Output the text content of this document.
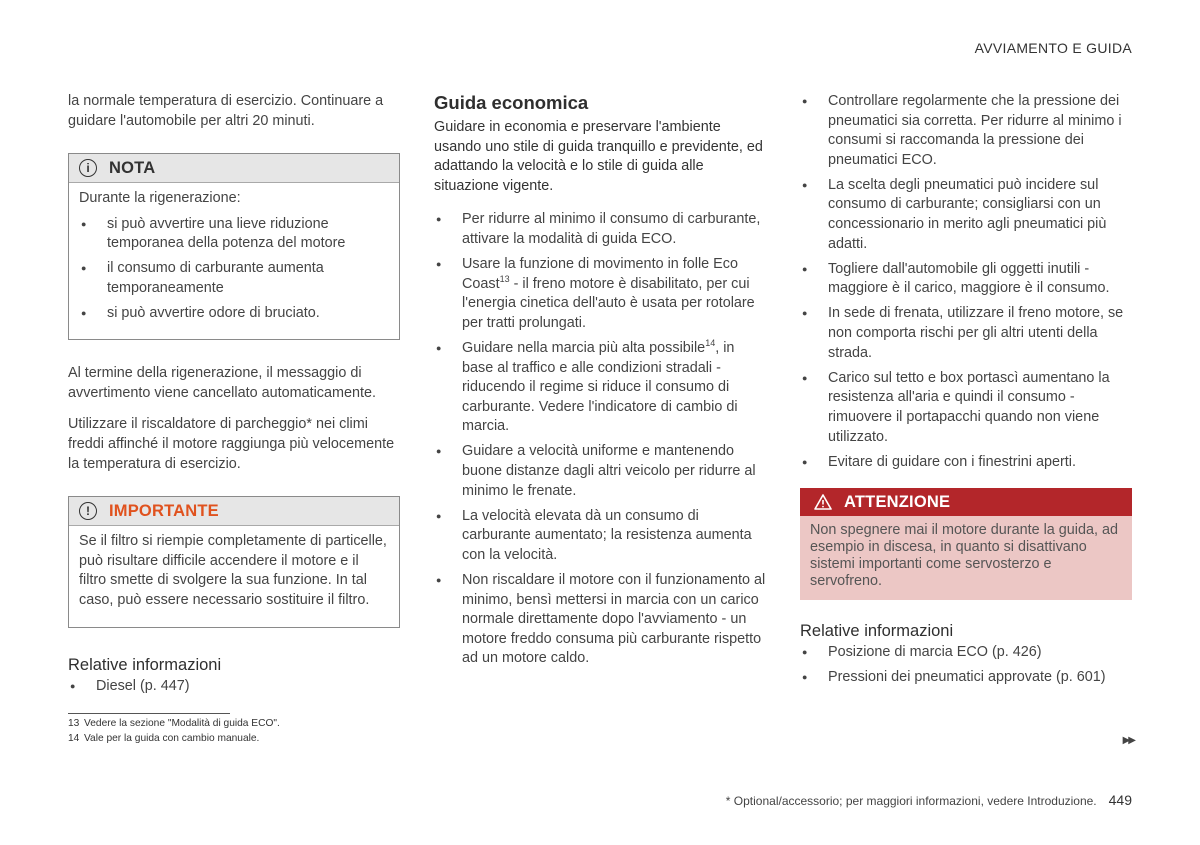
AVVIAMENTO E GUIDA

la normale temperatura di esercizio. Continuare a guidare l'automobile per altri 20 minuti.

i	NOTA

Durante la rigenerazione:

● si può avvertire una lieve riduzione temporanea della potenza del motore
● il consumo di carburante aumenta temporaneamente
● si può avvertire odore di bruciato.

Al termine della rigenerazione, il messaggio di avvertimento viene cancellato automaticamente.

Utilizzare il riscaldatore di parcheggio* nei climi freddi affinché il motore raggiunga più velocemente la temperatura di esercizio.

!	IMPORTANTE

Se il filtro si riempie completamente di particelle, può risultare difficile accendere il motore e il filtro smette di svolgere la sua funzione. In tal caso, può essere necessario sostituire il filtro.

Relative informazioni
● Diesel (p. 447)
Guida economica

Guidare in economia e preservare l'ambiente usando uno stile di guida tranquillo e previdente, ed adattando la velocità e lo stile di guida alle situazione vigente.

● Per ridurre al minimo il consumo di carburante, attivare la modalità di guida ECO.
● Usare la funzione di movimento in folle Eco Coast$^{13}$ - il freno motore è disabilitato, per cui l'energia cinetica dell'auto è usata per rotolare per tratti prolungati.
● Guidare nella marcia più alta possibile$^{14}$, in base al traffico e alle condizioni stradali - riducendo il regime si riduce il consumo di carburante. Vedere l'indicatore di cambio di marcia.
● Guidare a velocità uniforme e mantenendo buone distanze dagli altri veicolo per ridurre al minimo le frenate.
● La velocità elevata dà un consumo di carburante aumentato; la resistenza aumenta con la velocità.
● Non riscaldare il motore con il funzionamento al minimo, bensì mettersi in marcia con un carico normale direttamente dopo l'avviamento - un motore freddo consuma più carburante rispetto ad un motore caldo.
● Controllare regolarmente che la pressione dei pneumatici sia corretta. Per ridurre al minimo i consumi si raccomanda la pressione dei pneumatici ECO.
● La scelta degli pneumatici può incidere sul consumo di carburante; consigliarsi con un concessionario in merito agli pneumatici più adatti.
● Togliere dall'automobile gli oggetti inutili - maggiore è il carico, maggiore è il consumo.
● In sede di frenata, utilizzare il freno motore, se non comporta rischi per gli altri utenti della strada.
● Carico sul tetto e box portascì aumentano la resistenza all'aria e quindi il consumo - rimuovere il portapacchi quando non viene utilizzato.
● Evitare di guidare con i finestrini aperti.
ATTENZIONE
Non spegnere mai il motore durante la guida, ad esempio in discesa, in quanto si disattivano sistemi importanti come servosterzo e servofreno.
Relative informazioni
● Posizione di marcia ECO (p. 426)
● Pressioni dei pneumatici approvate (p. 601)
13 Vedere la sezione "Modalità di guida ECO".
14 Vale per la guida con cambio manuale.	▶▶
* Optional/accessorio; per maggiori informazioni, vedere Introduzione. 449
